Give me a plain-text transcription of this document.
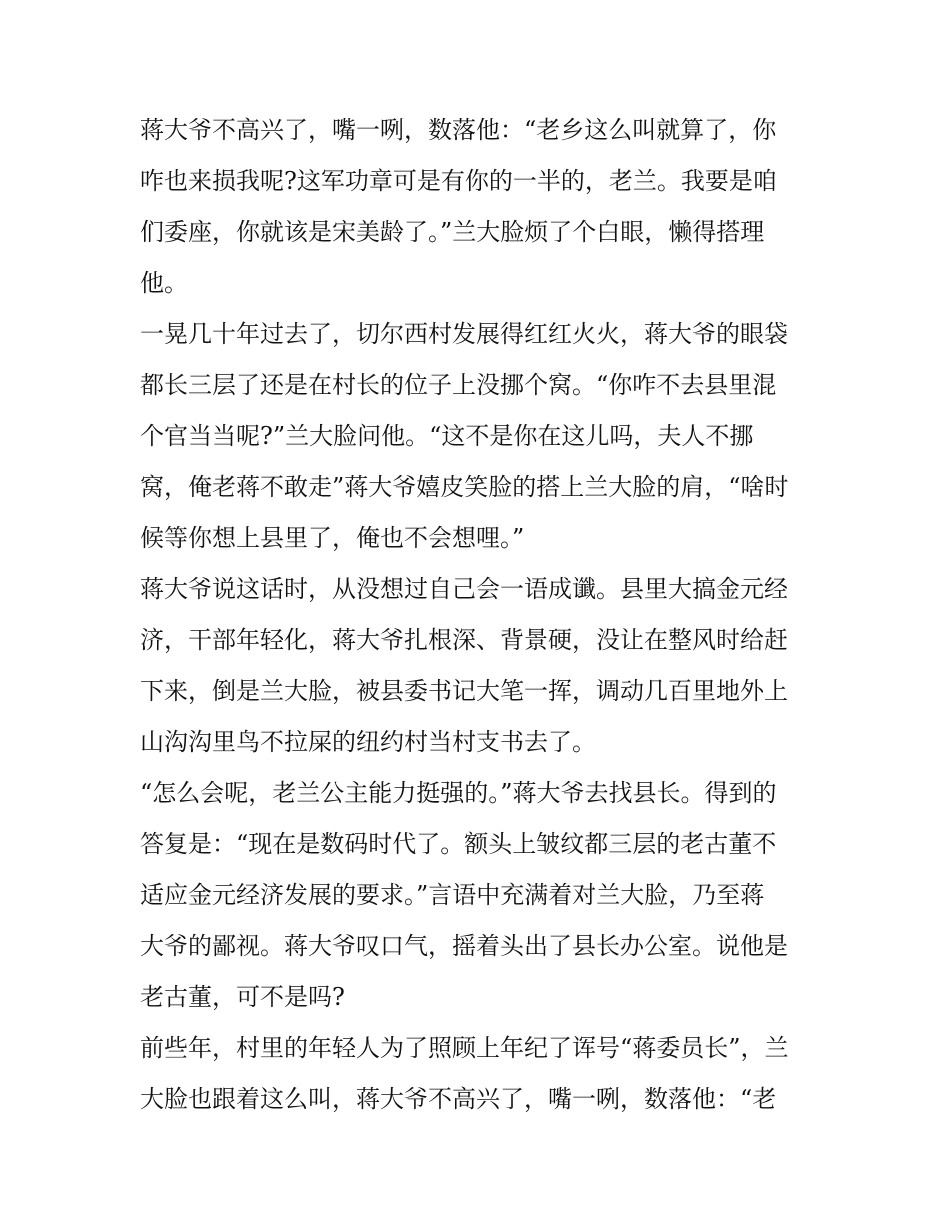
蒋大爷不高兴了，嘴一咧，数落他：“老乡这么叫就算了，你
咋也来损我呢?这军功章可是有你的一半的，老兰。我要是咱
们委座，你就该是宋美龄了。”兰大脸烦了个白眼，懒得搭理
他。
一晃几十年过去了，切尔西村发展得红红火火，蒋大爷的眼袋
都长三层了还是在村长的位子上没挪个窝。“你咋不去县里混
个官当当呢?”兰大脸问他。“这不是你在这儿吗，夫人不挪
窝，俺老蒋不敢走”蒋大爷嬉皮笑脸的搭上兰大脸的肩，“啥时
候等你想上县里了，俺也不会想哩。”
蒋大爷说这话时，从没想过自己会一语成谶。县里大搞金元经
济，干部年轻化，蒋大爷扎根深、背景硬，没让在整风时给赶
下来，倒是兰大脸，被县委书记大笔一挥，调动几百里地外上
山沟沟里鸟不拉屎的纽约村当村支书去了。
“怎么会呢，老兰公主能力挺强的。”蒋大爷去找县长。得到的
答复是：“现在是数码时代了。额头上皱纹都三层的老古董不
适应金元经济发展的要求。”言语中充满着对兰大脸，乃至蒋
大爷的鄙视。蒋大爷叹口气，摇着头出了县长办公室。说他是
老古董，可不是吗?
前些年，村里的年轻人为了照顾上年纪了诨号“蒋委员长”，兰
大脸也跟着这么叫，蒋大爷不高兴了，嘴一咧，数落他：“老
